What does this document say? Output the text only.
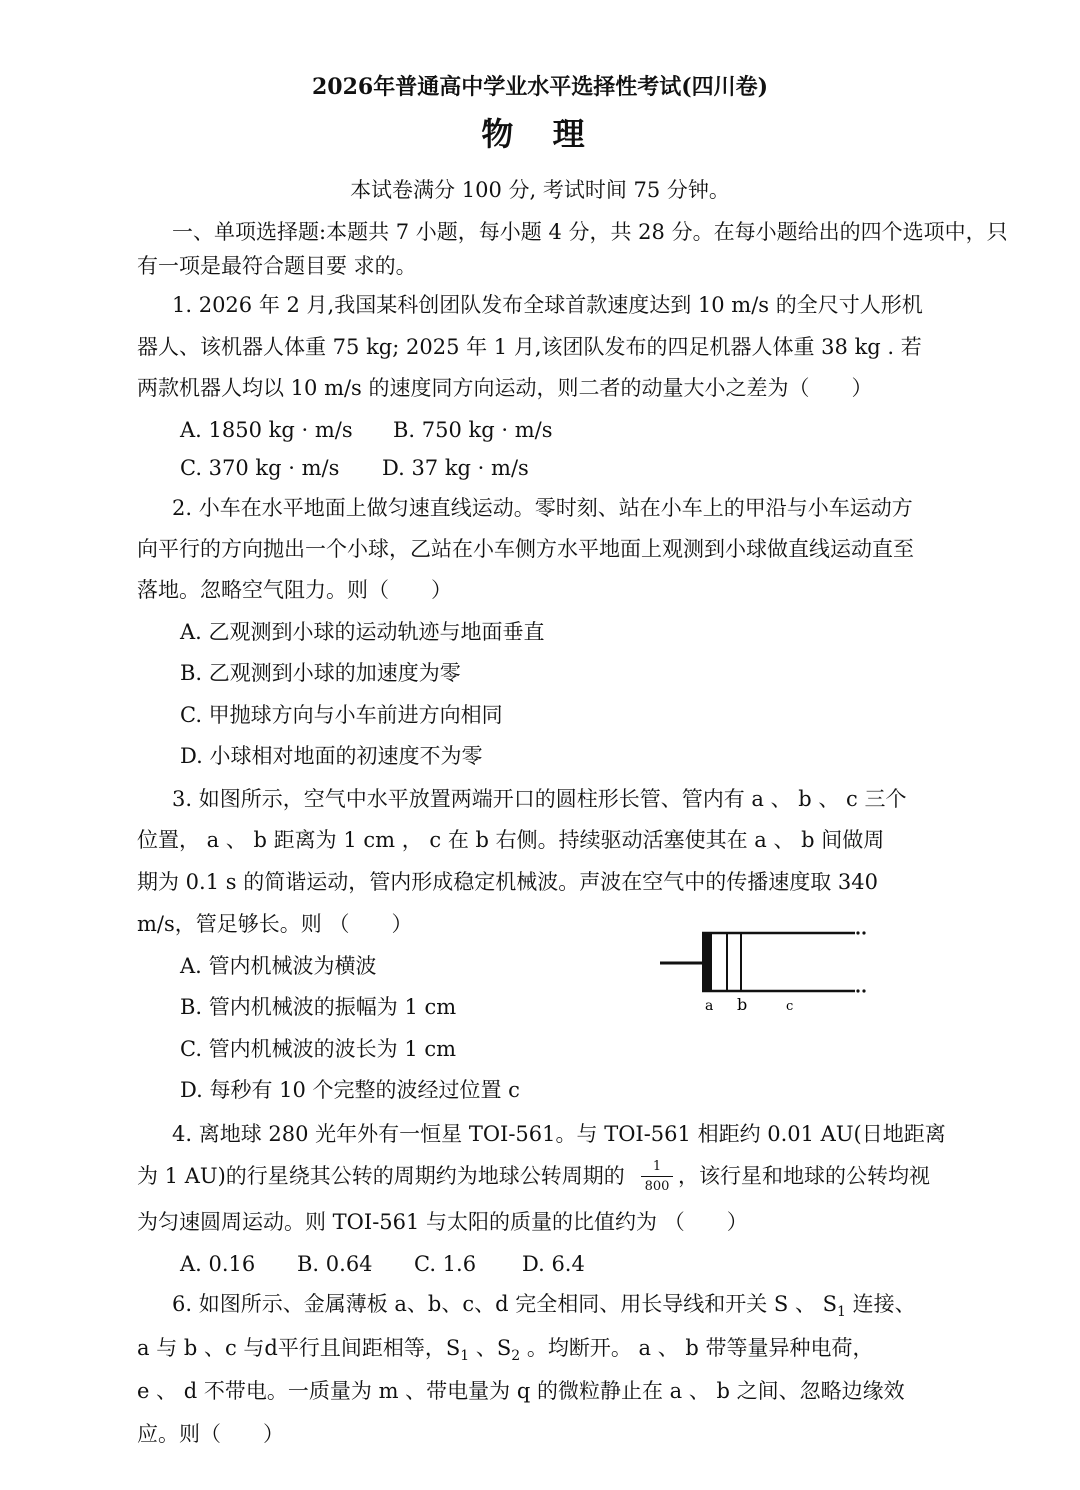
2026年普通高中学业水平选择性考试(四川卷)
物 理
本试卷满分 100 分, 考试时间 75 分钟。
一、单项选择题:本题共 7 小题，每小题 4 分，共 28 分。在每小题给出的四个选项中，只
有一项是最符合题目要 求的。
1. 2026 年 2 月,我国某科创团队发布全球首款速度达到 10 m/s 的全尺寸人形机
器人、该机器人体重 75 kg; 2025 年 1 月,该团队发布的四足机器人体重 38 kg . 若
两款机器人均以 10 m/s 的速度同方向运动，则二者的动量大小之差为（　　）
A. 1850 kg · m/s B. 750 kg · m/s
C. 370 kg · m/s D. 37 kg · m/s
2. 小车在水平地面上做匀速直线运动。零时刻、站在小车上的甲沿与小车运动方
向平行的方向抛出一个小球，乙站在小车侧方水平地面上观测到小球做直线运动直至
落地。忽略空气阻力。则（　　）
A. 乙观测到小球的运动轨迹与地面垂直
B. 乙观测到小球的加速度为零
C. 甲抛球方向与小车前进方向相同
D. 小球相对地面的初速度不为零
3. 如图所示，空气中水平放置两端开口的圆柱形长管、管内有 a 、 b 、 c 三个
位置， a 、 b 距离为 1 cm ， c 在 b 右侧。持续驱动活塞使其在 a 、 b 间做周
期为 0.1 s 的简谐运动，管内形成稳定机械波。声波在空气中的传播速度取 340
m/s，管足够长。则 （　　）
A. 管内机械波为横波
B. 管内机械波的振幅为 1 cm
C. 管内机械波的波长为 1 cm
D. 每秒有 10 个完整的波经过位置 c
a b	c
4. 离地球 280 光年外有一恒星 TOI-561。与 TOI-561 相距约 0.01 AU(日地距离
为 1 AU)的行星绕其公转的周期约为地球公转周期的 $\frac{1}{800}$ ，该行星和地球的公转均视
为匀速圆周运动。则 TOI-561 与太阳的质量的比值约为 （　　）
A. 0.16 B. 0.64 C. 1.6 D. 6.4
6. 如图所示、金属薄板 a、b、c、d 完全相同、用长导线和开关 S 、 $S_1$ 连接、
a 与 b 、c 与d平行且间距相等，$S_1$ 、$S_2$ 。均断开。 a 、 b 带等量异种电荷，
e 、 d 不带电。一质量为 m 、带电量为 q 的微粒静止在 a 、 b 之间、忽略边缘效
应。则（　　）
